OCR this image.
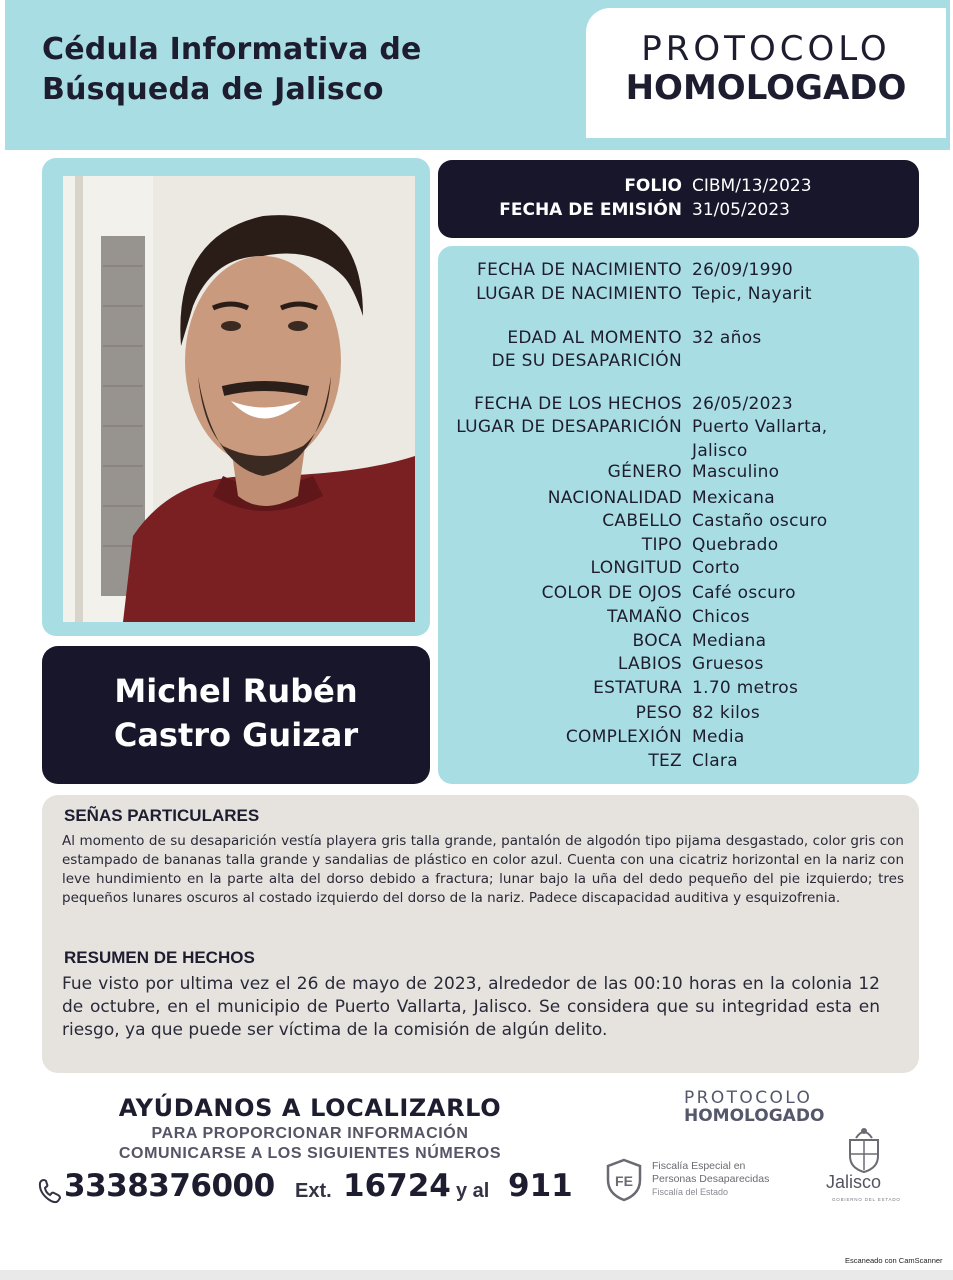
Cédula Informativa de
Búsqueda de Jalisco
PROTOCOLO
HOMOLOGADO
Michel Rubén
Castro Guizar
FOLIO CIBM/13/2023
FECHA DE EMISIÓN 31/05/2023
FECHA DE NACIMIENTO 26/09/1990
LUGAR DE NACIMIENTO Tepic, Nayarit
EDAD AL MOMENTO 32 años
DE SU DESAPARICIÓN
FECHA DE LOS HECHOS 26/05/2023
LUGAR DE DESAPARICIÓN Puerto Vallarta,
Jalisco
GÉNERO Masculino
NACIONALIDAD Mexicana
CABELLO Castaño oscuro
TIPO Quebrado
LONGITUD Corto
COLOR DE OJOS Café oscuro
TAMAÑO Chicos
BOCA Mediana
LABIOS Gruesos
ESTATURA 1.70 metros
PESO 82 kilos
COMPLEXIÓN Media
TEZ Clara
SEÑAS PARTICULARES
Al momento de su desaparición vestía playera gris talla grande, pantalón de algodón tipo pijama desgastado, color gris con estampado de bananas talla grande y sandalias de plástico en color azul. Cuenta con una cicatriz horizontal en la nariz con leve hundimiento en la parte alta del dorso debido a fractura; lunar bajo la uña del dedo pequeño del pie izquierdo; tres pequeños lunares oscuros al costado izquierdo del dorso de la nariz. Padece discapacidad auditiva y esquizofrenia.
RESUMEN DE HECHOS
Fue visto por ultima vez el 26 de mayo de 2023, alrededor de las 00:10 horas en la colonia 12 de octubre, en el municipio de Puerto Vallarta, Jalisco. Se considera que su integridad esta en riesgo, ya que puede ser víctima de la comisión de algún delito.
AYÚDANOS A LOCALIZARLO
PARA PROPORCIONAR INFORMACIÓN
COMUNICARSE A LOS SIGUIENTES NÚMEROS
3338376000 Ext. 16724 y al 911
PROTOCOLO
HOMOLOGADO
FE
Fiscalía Especial en
Personas Desaparecidas
Fiscalía del Estado	Jalisco
GOBIERNO DEL ESTADO
Escaneado con CamScanner
